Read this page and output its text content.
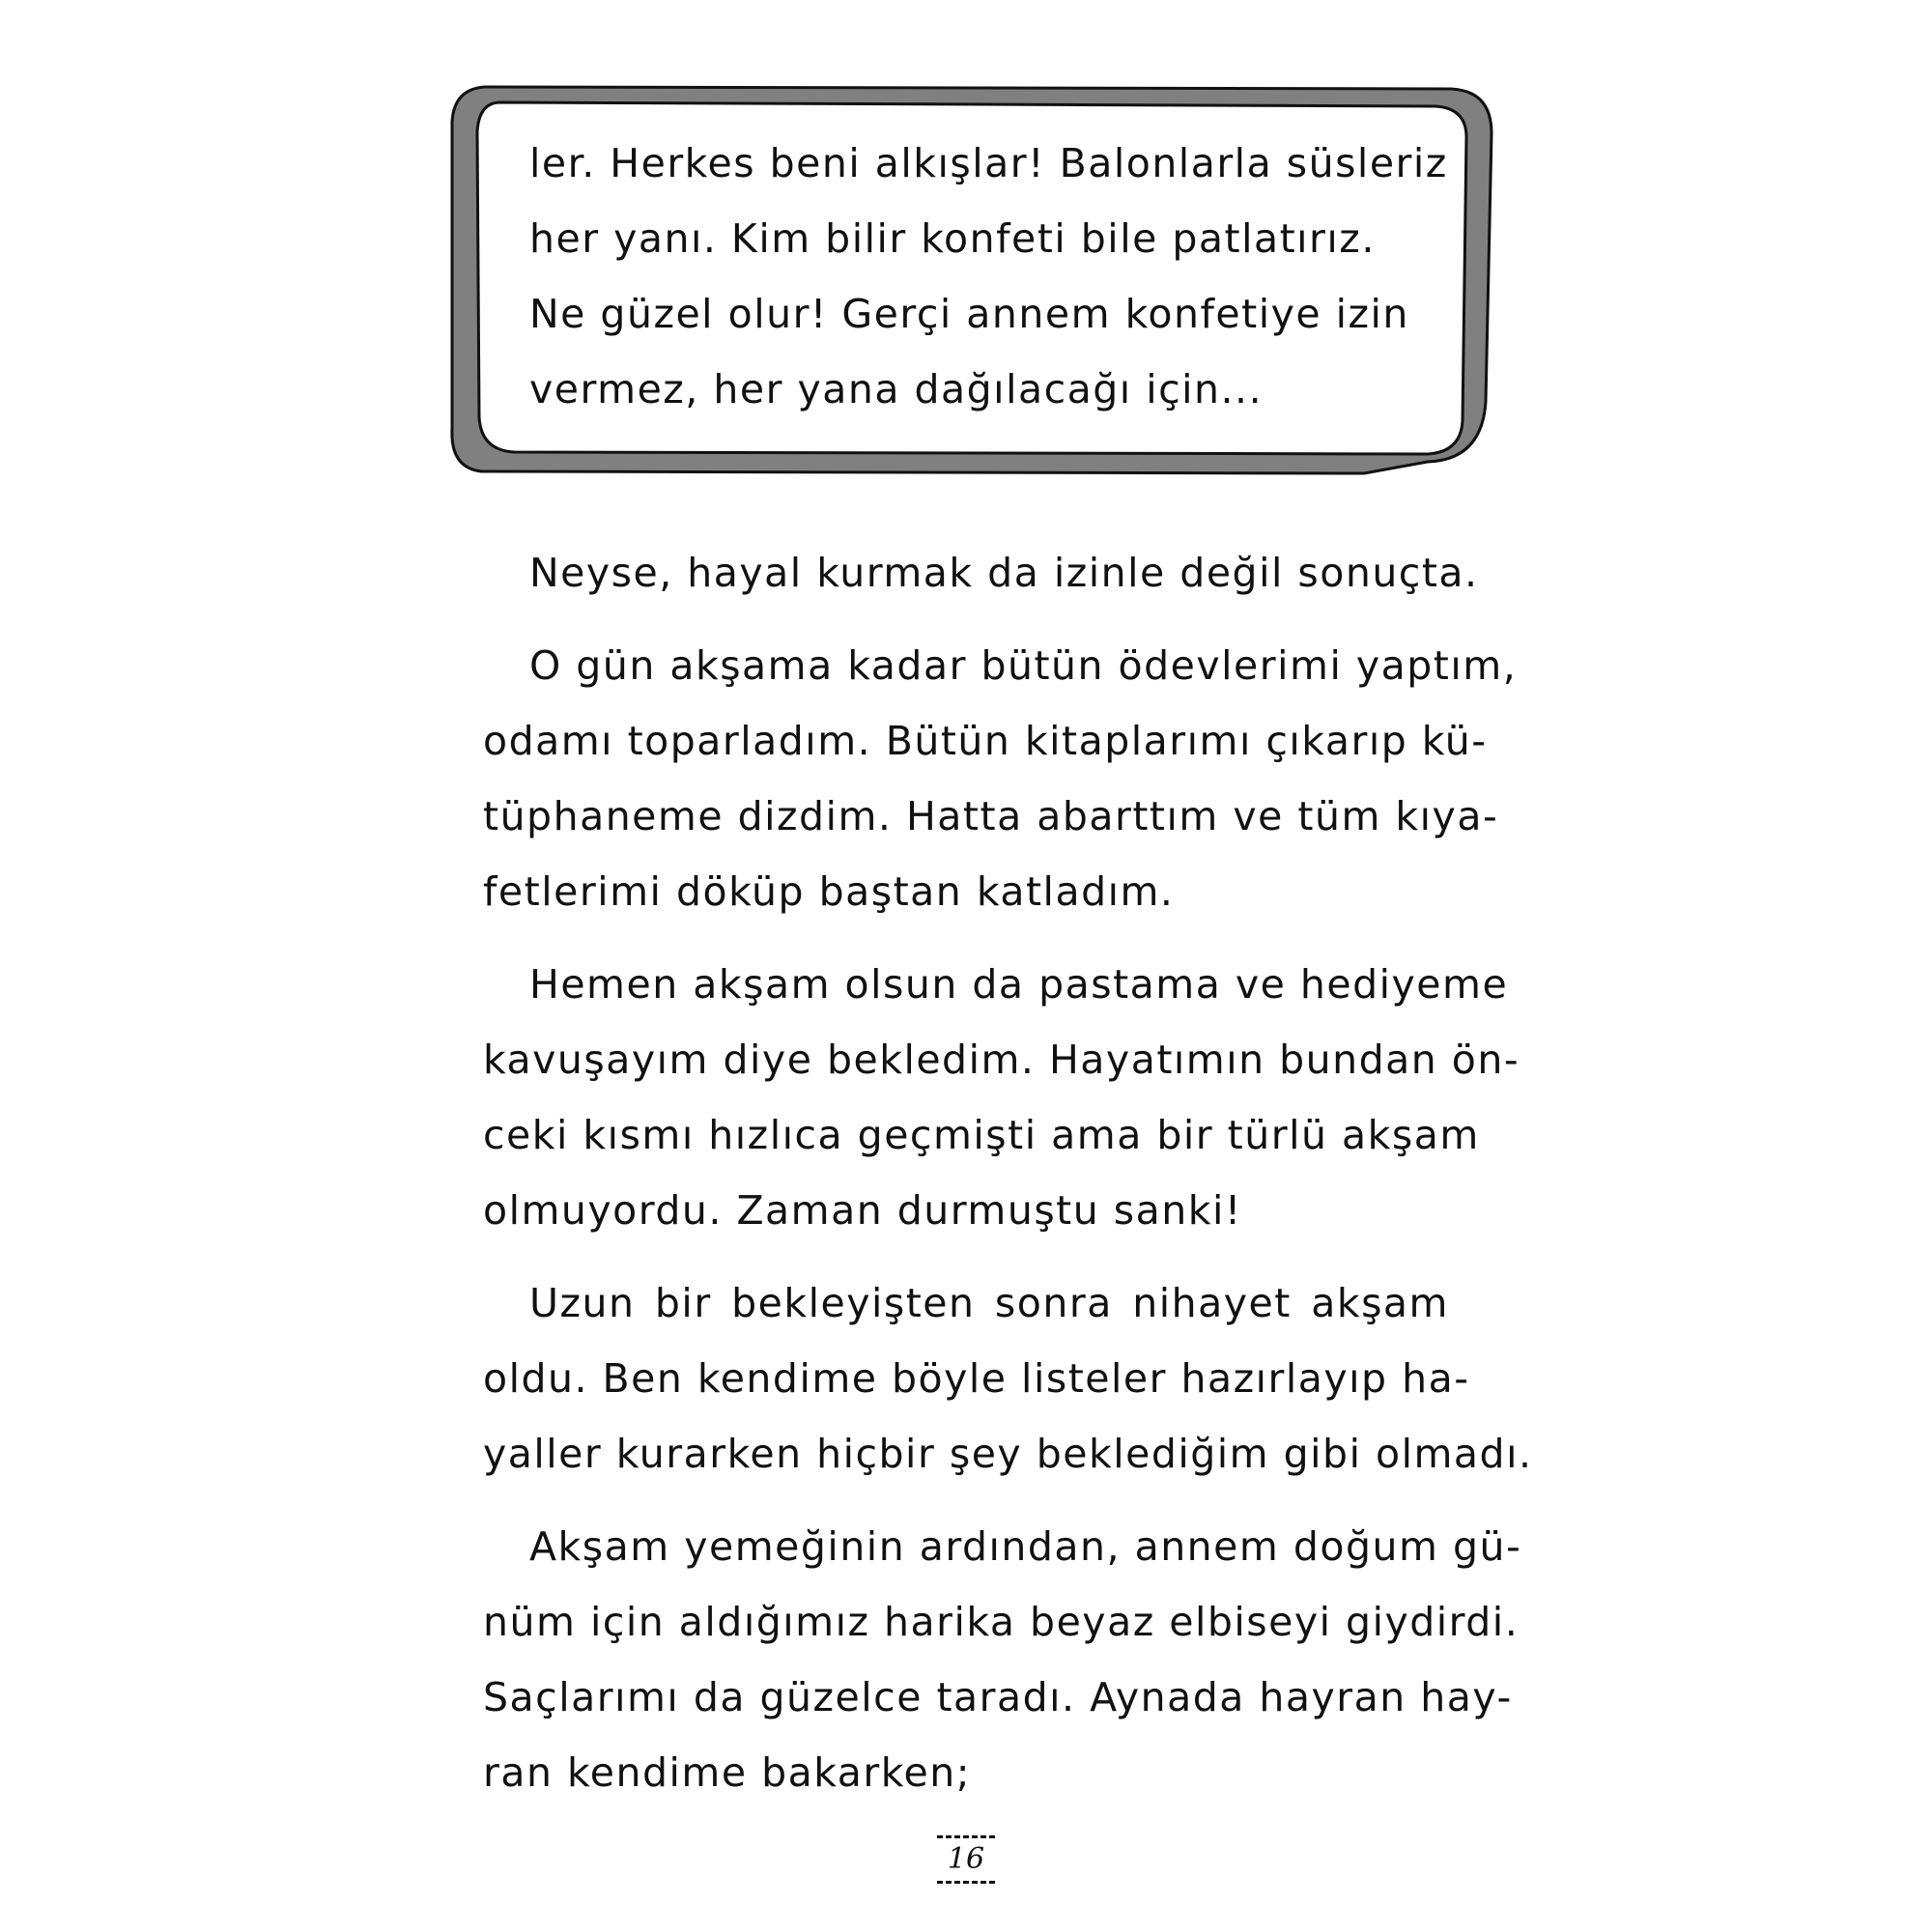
ler. Herkes beni alkışlar! Balonlarla süsleriz
her yanı. Kim bilir konfeti bile patlatırız.
Ne güzel olur! Gerçi annem konfetiye izin
vermez, her yana dağılacağı için...
Neyse, hayal kurmak da izinle değil sonuçta.
O gün akşama kadar bütün ödevlerimi yaptım,
odamı toparladım. Bütün kitaplarımı çıkarıp kü-
tüphaneme dizdim. Hatta abarttım ve tüm kıya-
fetlerimi döküp baştan katladım.
Hemen akşam olsun da pastama ve hediyeme
kavuşayım diye bekledim. Hayatımın bundan ön-
ceki kısmı hızlıca geçmişti ama bir türlü akşam
olmuyordu. Zaman durmuştu sanki!
Uzun bir bekleyişten sonra nihayet akşam
oldu. Ben kendime böyle listeler hazırlayıp ha-
yaller kurarken hiçbir şey beklediğim gibi olmadı.
Akşam yemeğinin ardından, annem doğum gü-
nüm için aldığımız harika beyaz elbiseyi giydirdi.
Saçlarımı da güzelce taradı. Aynada hayran hay-
ran kendime bakarken;
16
